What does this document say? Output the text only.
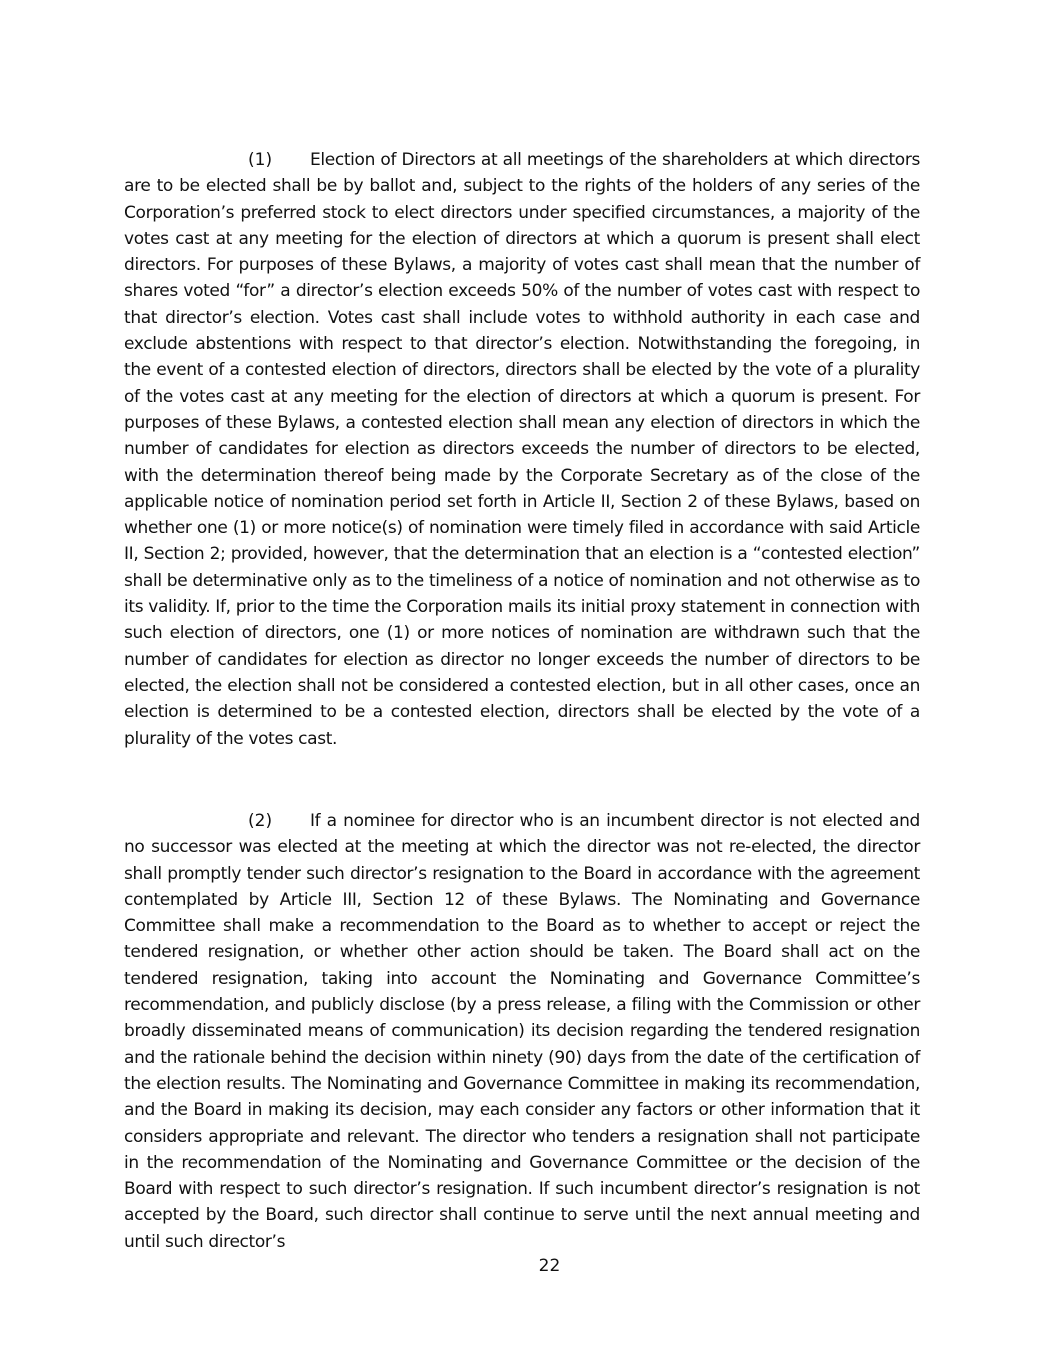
(1) Election of Directors at all meetings of the shareholders at which directors are to be elected shall be by ballot and, subject to the rights of the holders of any series of the Corporation’s preferred stock to elect directors under specified circumstances, a majority of the votes cast at any meeting for the election of directors at which a quorum is present shall elect directors. For purposes of these Bylaws, a majority of votes cast shall mean that the number of shares voted “for” a director’s election exceeds 50% of the number of votes cast with respect to that director’s election. Votes cast shall include votes to withhold authority in each case and exclude abstentions with respect to that director’s election. Notwithstanding the foregoing, in the event of a contested election of directors, directors shall be elected by the vote of a plurality of the votes cast at any meeting for the election of directors at which a quorum is present. For purposes of these Bylaws, a contested election shall mean any election of directors in which the number of candidates for election as directors exceeds the number of directors to be elected, with the determination thereof being made by the Corporate Secretary as of the close of the applicable notice of nomination period set forth in Article II, Section 2 of these Bylaws, based on whether one (1) or more notice(s) of nomination were timely filed in accordance with said Article II, Section 2; provided, however, that the determination that an election is a “contested election” shall be determinative only as to the timeliness of a notice of nomination and not otherwise as to its validity. If, prior to the time the Corporation mails its initial proxy statement in connection with such election of directors, one (1) or more notices of nomination are withdrawn such that the number of candidates for election as director no longer exceeds the number of directors to be elected, the election shall not be considered a contested election, but in all other cases, once an election is determined to be a contested election, directors shall be elected by the vote of a plurality of the votes cast.

(2) If a nominee for director who is an incumbent director is not elected and no successor was elected at the meeting at which the director was not re-elected, the director shall promptly tender such director’s resignation to the Board in accordance with the agreement contemplated by Article III, Section 12 of these Bylaws. The Nominating and Governance Committee shall make a recommendation to the Board as to whether to accept or reject the tendered resignation, or whether other action should be taken. The Board shall act on the tendered resignation, taking into account the Nominating and Governance Committee’s recommendation, and publicly disclose (by a press release, a filing with the Commission or other broadly disseminated means of communication) its decision regarding the tendered resignation and the rationale behind the decision within ninety (90) days from the date of the certification of the election results. The Nominating and Governance Committee in making its recommendation, and the Board in making its decision, may each consider any factors or other information that it considers appropriate and relevant. The director who tenders a resignation shall not participate in the recommendation of the Nominating and Governance Committee or the decision of the Board with respect to such director’s resignation. If such incumbent director’s resignation is not accepted by the Board, such director shall continue to serve until the next annual meeting and until such director’s

22
